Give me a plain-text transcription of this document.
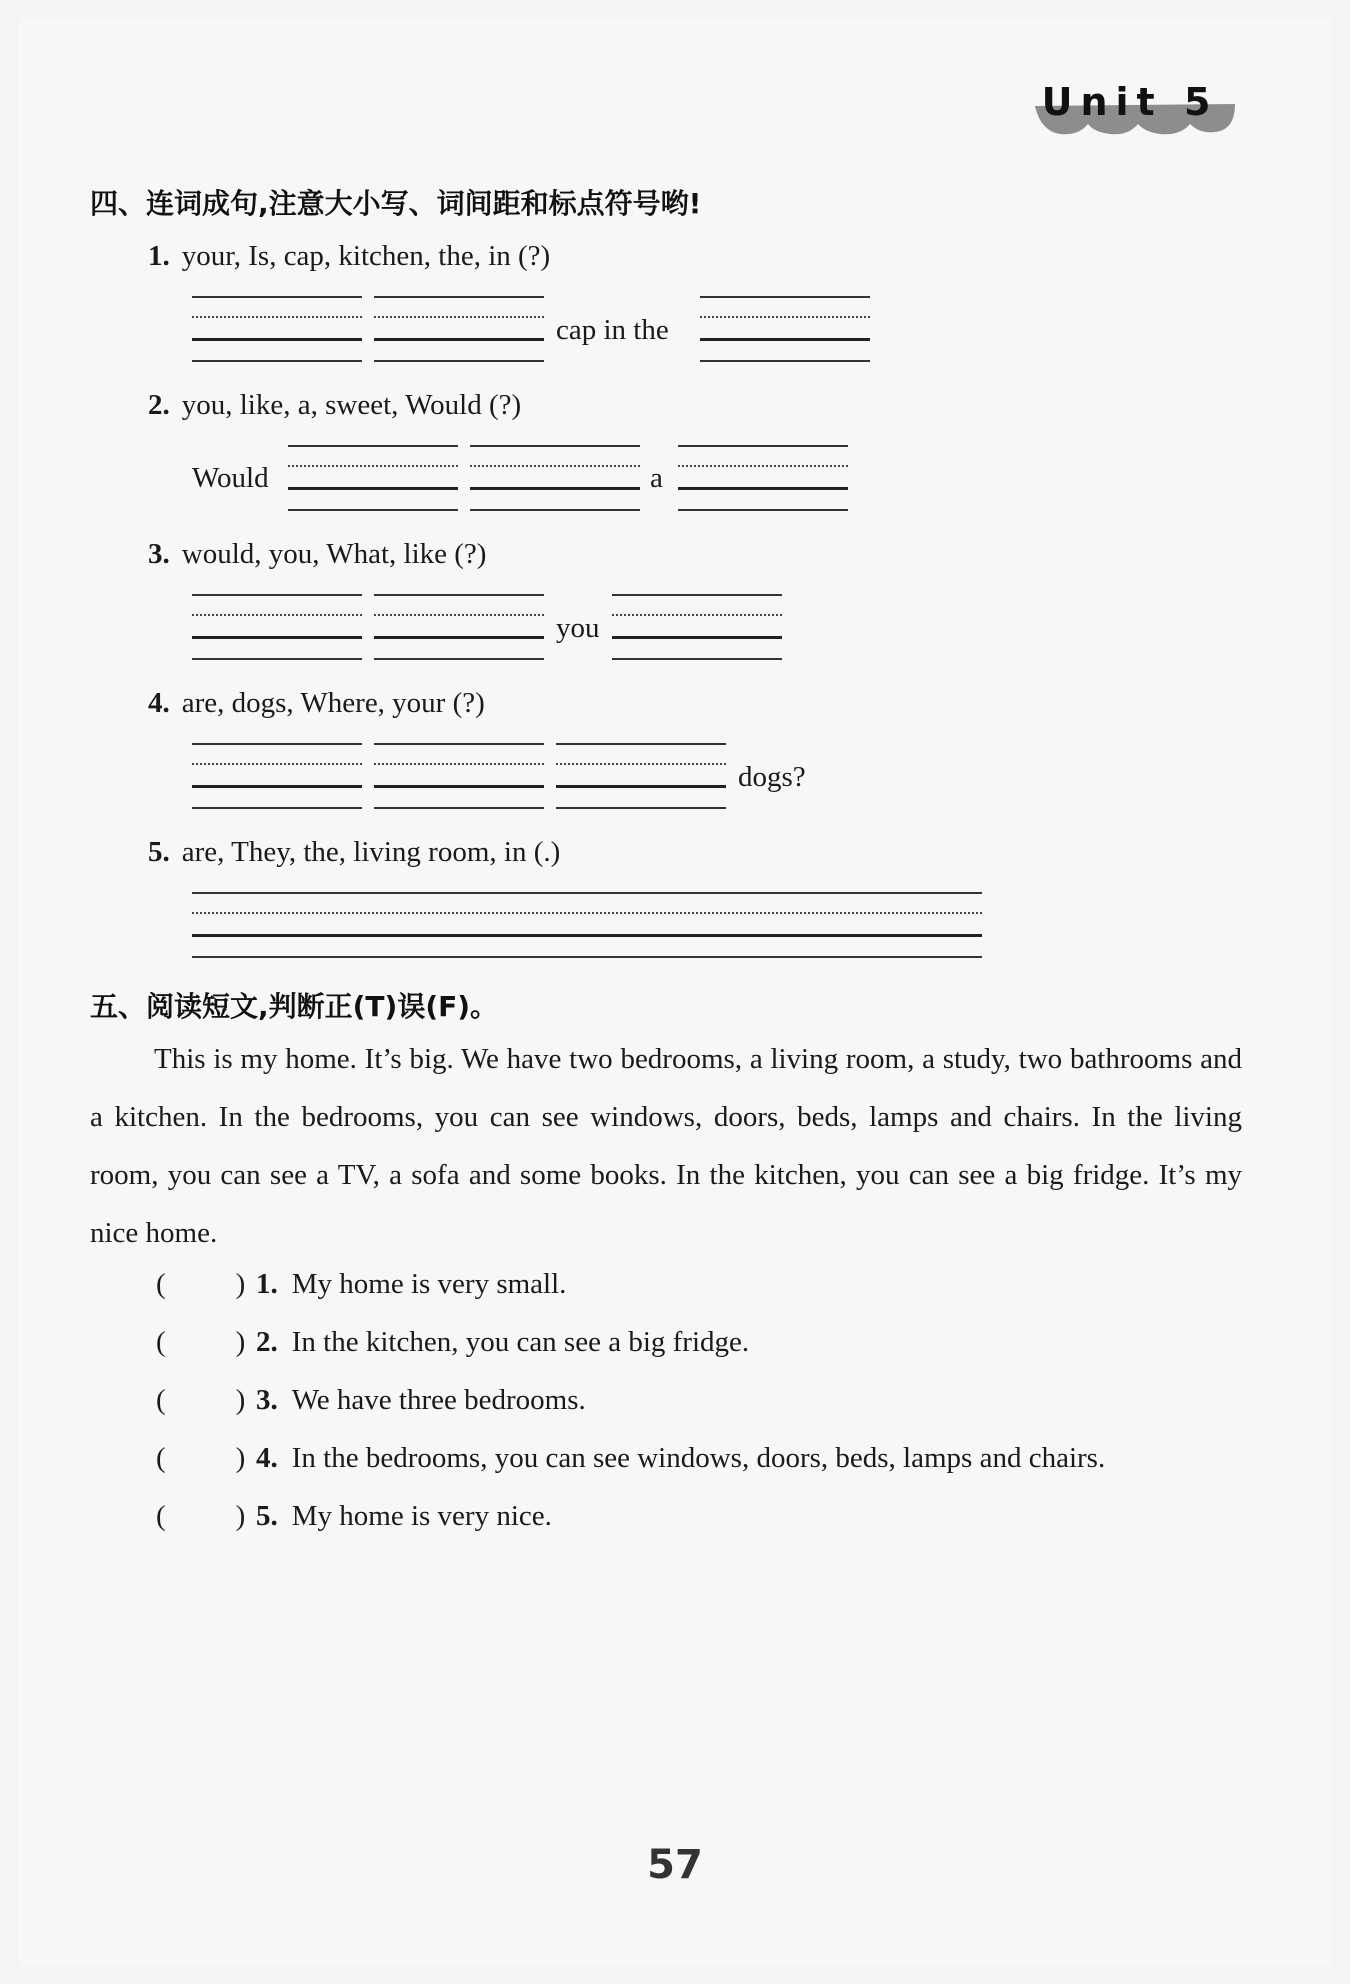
Unit 5
四、连词成句,注意大小写、词间距和标点符号哟!
1. your, Is, cap, kitchen, the, in (?)
cap in the
2. you, like, a, sweet, Would (?)
Would	a
3. would, you, What, like (?)
you
4. are, dogs, Where, your (?)
dogs?
5. are, They, the, living room, in (.)
五、阅读短文,判断正(T)误(F)。
This is my home. It’s big. We have two bedrooms, a living room, a study, two bathrooms and a kitchen. In the bedrooms, you can see windows, doors, beds, lamps and chairs. In the living room, you can see a TV, a sofa and some books. In the kitchen, you can see a big fridge. It’s my nice home.
( ) 1. My home is very small.
( ) 2. In the kitchen, you can see a big fridge.
( ) 3. We have three bedrooms.
( ) 4. In the bedrooms, you can see windows, doors, beds, lamps and chairs.
( ) 5. My home is very nice.
57
